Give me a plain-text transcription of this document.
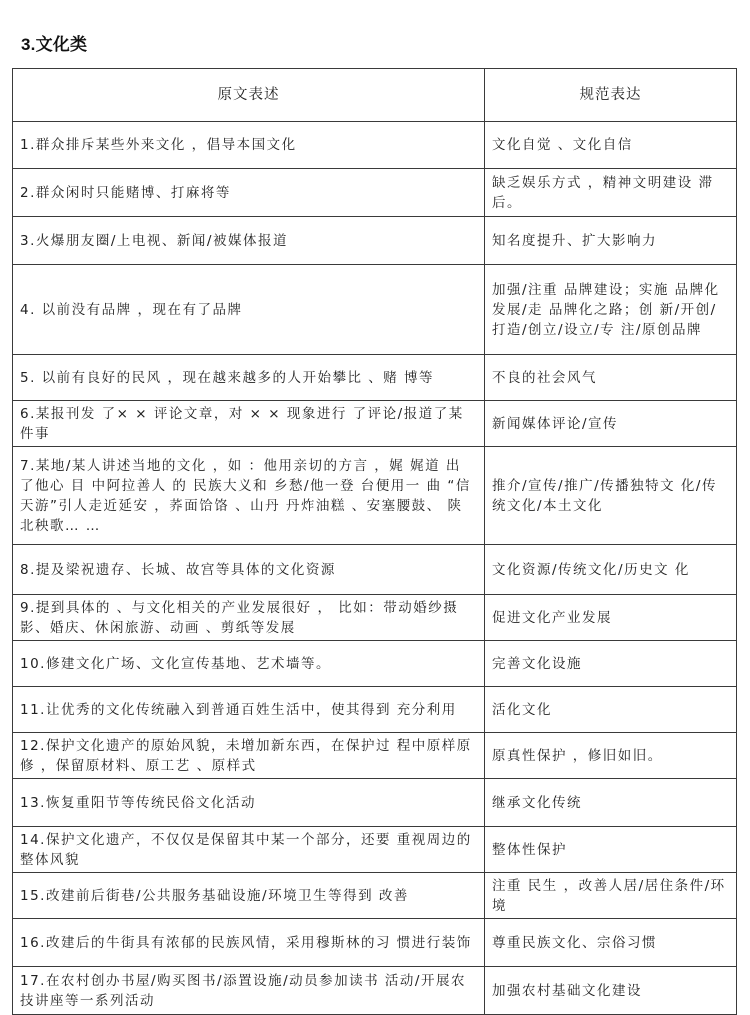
3.文化类
原文表述	规范表达
1.群众排斥某些外来文化 ，倡导本国文化	文化自觉 、文化自信
2.群众闲时只能赌博、打麻将等	缺乏娱乐方式 ，精神文明建设 滞后。
3.火爆朋友圈/上电视、新闻/被媒体报道	知名度提升、扩大影响力
4. 以前没有品牌 ，现在有了品牌	加强/注重 品牌建设；实施 品牌化发展/走 品牌化之路；创 新/开创/打造/创立/设立/专 注/原创品牌
5. 以前有良好的民风 ，现在越来越多的人开始攀比 、赌 博等	不良的社会风气
6.某报刊发 了× × 评论文章，对 × × 现象进行 了评论/报道了某件事	新闻媒体评论/宣传
7.某地/某人讲述当地的文化 ，如 ：他用亲切的方言 ，娓 娓道 出 了他心 目 中阿拉善人 的 民族大义和 乡愁/他一登 台便用一 曲 “信天游”引人走近延安 ，荞面饸饹 、山丹 丹炸油糕 、安塞腰鼓、 陕北秧歌… …	推介/宣传/推广/传播独特文 化/传统文化/本土文化
8.提及梁祝遗存、长城、故宫等具体的文化资源	文化资源/传统文化/历史文 化
9.提到具体的 、与文化相关的产业发展很好 ， 比如：带动婚纱摄影、婚庆、休闲旅游、动画 、剪纸等发展	促进文化产业发展
10.修建文化广场、文化宣传基地、艺术墙等。	完善文化设施
11.让优秀的文化传统融入到普通百姓生活中，使其得到 充分利用	活化文化
12.保护文化遗产的原始风貌，未增加新东西，在保护过 程中原样原修 ，保留原材料、原工艺 、原样式	原真性保护 ，修旧如旧。
13.恢复重阳节等传统民俗文化活动	继承文化传统
14.保护文化遗产，不仅仅是保留其中某一个部分，还要 重视周边的整体风貌	整体性保护
15.改建前后街巷/公共服务基础设施/环境卫生等得到 改善	注重 民生 ，改善人居/居住条件/环境
16.改建后的牛街具有浓郁的民族风情，采用穆斯林的习 惯进行装饰	尊重民族文化、宗俗习惯
17.在农村创办书屋/购买图书/添置设施/动员参加读书 活动/开展农技讲座等一系列活动	加强农村基础文化建设
